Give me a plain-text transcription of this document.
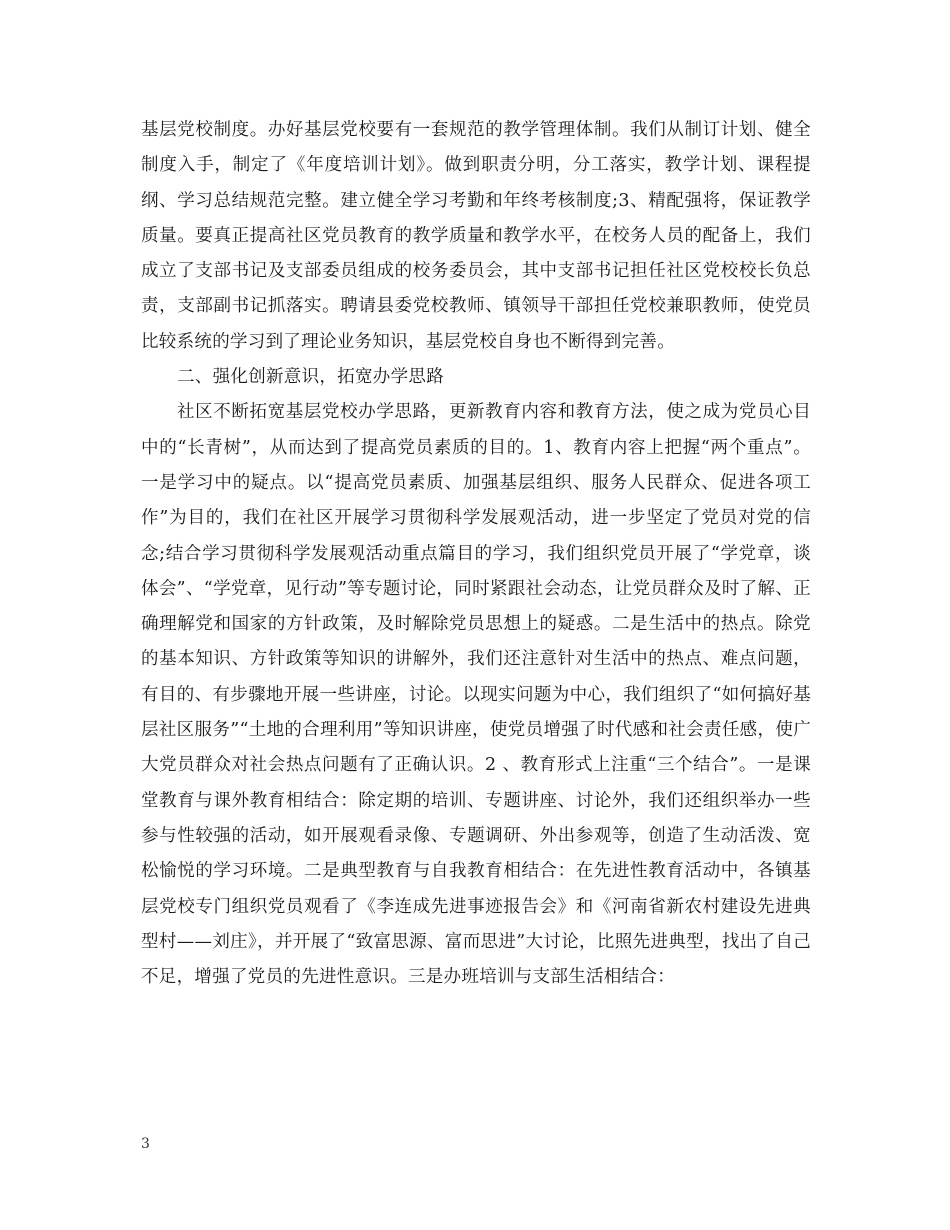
基层党校制度。办好基层党校要有一套规范的教学管理体制。我们从制订计划、健全制度入手，制定了《年度培训计划》。做到职责分明，分工落实，教学计划、课程提纲、学习总结规范完整。建立健全学习考勤和年终考核制度;3、精配强将，保证教学质量。要真正提高社区党员教育的教学质量和教学水平，在校务人员的配备上，我们成立了支部书记及支部委员组成的校务委员会，其中支部书记担任社区党校校长负总责，支部副书记抓落实。聘请县委党校教师、镇领导干部担任党校兼职教师，使党员比较系统的学习到了理论业务知识，基层党校自身也不断得到完善。

二、强化创新意识，拓宽办学思路

社区不断拓宽基层党校办学思路，更新教育内容和教育方法，使之成为党员心目中的“长青树”，从而达到了提高党员素质的目的。1、教育内容上把握“两个重点”。一是学习中的疑点。以“提高党员素质、加强基层组织、服务人民群众、促进各项工作”为目的，我们在社区开展学习贯彻科学发展观活动，进一步坚定了党员对党的信念;结合学习贯彻科学发展观活动重点篇目的学习，我们组织党员开展了“学党章，谈体会”、“学党章，见行动”等专题讨论，同时紧跟社会动态，让党员群众及时了解、正确理解党和国家的方针政策，及时解除党员思想上的疑惑。二是生活中的热点。除党的基本知识、方针政策等知识的讲解外，我们还注意针对生活中的热点、难点问题，有目的、有步骤地开展一些讲座，讨论。以现实问题为中心，我们组织了“如何搞好基层社区服务”“土地的合理利用”等知识讲座，使党员增强了时代感和社会责任感，使广大党员群众对社会热点问题有了正确认识。2 、教育形式上注重“三个结合”。一是课堂教育与课外教育相结合：除定期的培训、专题讲座、讨论外，我们还组织举办一些参与性较强的活动，如开展观看录像、专题调研、外出参观等，创造了生动活泼、宽松愉悦的学习环境。二是典型教育与自我教育相结合：在先进性教育活动中，各镇基层党校专门组织党员观看了《李连成先进事迹报告会》和《河南省新农村建设先进典型村——刘庄》，并开展了“致富思源、富而思进”大讨论，比照先进典型，找出了自己不足，增强了党员的先进性意识。三是办班培训与支部生活相结合：

3
